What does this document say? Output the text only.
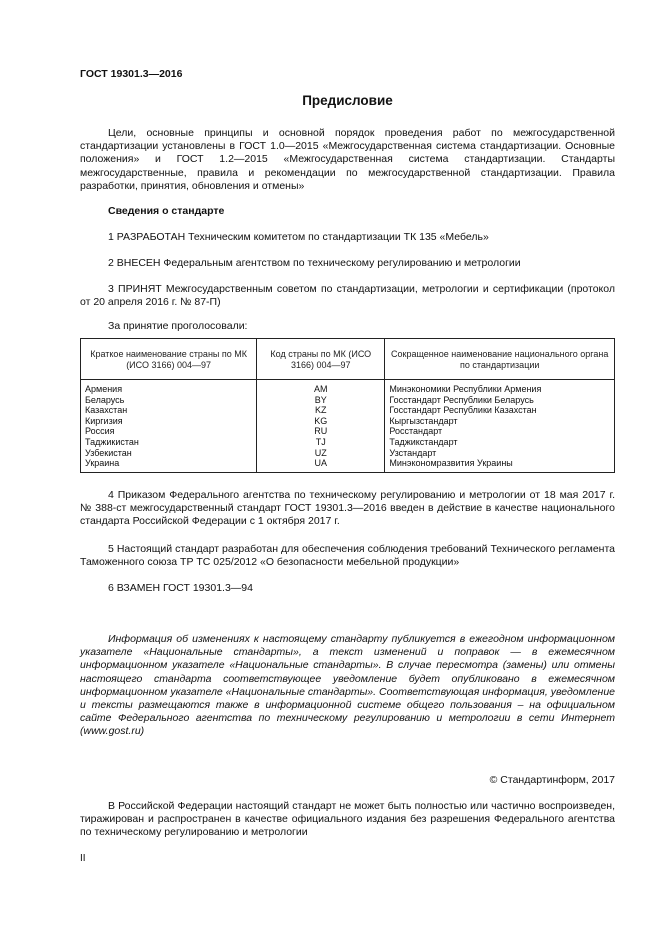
ГОСТ 19301.3—2016
Предисловие
Цели, основные принципы и основной порядок проведения работ по межгосударственной стандартизации установлены в ГОСТ 1.0—2015 «Межгосударственная система стандартизации. Основные положения» и ГОСТ 1.2—2015 «Межгосударственная система стандартизации. Стандарты межгосударственные, правила и рекомендации по межгосударственной стандартизации. Правила разработки, принятия, обновления и отмены»
Сведения о стандарте
1 РАЗРАБОТАН Техническим комитетом по стандартизации ТК 135 «Мебель»
2 ВНЕСЕН Федеральным агентством по техническому регулированию и метрологии
3 ПРИНЯТ Межгосударственным советом по стандартизации, метрологии и сертификации (протокол от 20 апреля 2016 г. № 87-П)
За принятие проголосовали:
Краткое наименование страны по МК (ИСО 3166) 004—97	Код страны по МК (ИСО 3166) 004—97	Сокращенное наименование национального органа по стандартизации
Армения	AM	Минэкономики Республики Армения
Беларусь	BY	Госстандарт Республики Беларусь
Казахстан	KZ	Госстандарт Республики Казахстан
Киргизия	KG	Кыргызстандарт
Россия	RU	Росстандарт
Таджикистан	TJ	Таджикстандарт
Узбекистан	UZ	Узстандарт
Украина	UA	Минэкономразвития Украины
4 Приказом Федерального агентства по техническому регулированию и метрологии от 18 мая 2017 г. № 388-ст межгосударственный стандарт ГОСТ 19301.3—2016 введен в действие в качестве национального стандарта Российской Федерации с 1 октября 2017 г.
5 Настоящий стандарт разработан для обеспечения соблюдения требований Технического регламента Таможенного союза ТР ТС 025/2012 «О безопасности мебельной продукции»
6 ВЗАМЕН ГОСТ 19301.3—94
Информация об изменениях к настоящему стандарту публикуется в ежегодном информационном указателе «Национальные стандарты», а текст изменений и поправок — в ежемесячном информационном указателе «Национальные стандарты». В случае пересмотра (замены) или отмены настоящего стандарта соответствующее уведомление будет опубликовано в ежемесячном информационном указателе «Национальные стандарты». Соответствующая информация, уведомление и тексты размещаются также в информационной системе общего пользования – на официальном сайте Федерального агентства по техническому регулированию и метрологии в сети Интернет (www.gost.ru)
© Стандартинформ, 2017
В Российской Федерации настоящий стандарт не может быть полностью или частично воспроизведен, тиражирован и распространен в качестве официального издания без разрешения Федерального агентства по техническому регулированию и метрологии
II
